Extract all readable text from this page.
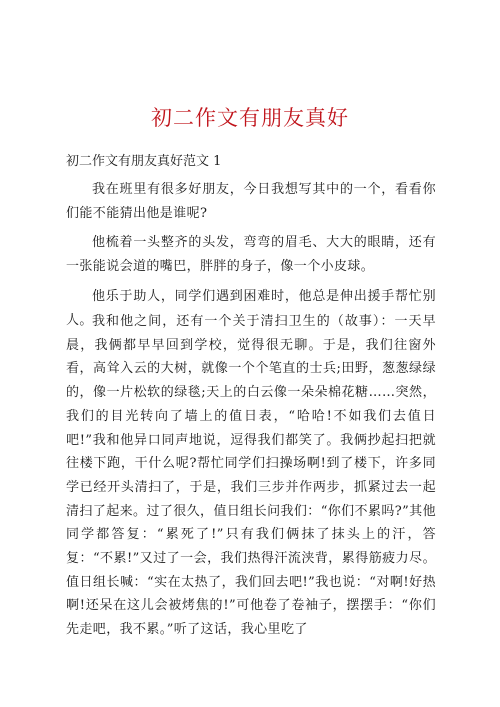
初二作文有朋友真好
初二作文有朋友真好范文 1

我在班里有很多好朋友，今日我想写其中的一个，看看你们能不能猜出他是谁呢?

他梳着一头整齐的头发，弯弯的眉毛、大大的眼睛，还有一张能说会道的嘴巴，胖胖的身子，像一个小皮球。

他乐于助人，同学们遇到困难时，他总是伸出援手帮忙别人。 我和他之间，还有一个关于清扫卫生的（故事）：一天早晨，我俩都早早回到学校，觉得很无聊。于是，我们往窗外看，高耸入云的大树，就像一个个笔直的士兵;田野，葱葱绿绿的，像一片松软的绿毯;天上的白云像一朵朵棉花糖……突然，我们的目光转向了墙上的值日表，“哈哈!不如我们去值日吧!”我和他异口同声地说，逗得我们都笑了。我俩抄起扫把就往楼下跑，干什么呢?帮忙同学们扫操场啊!到了楼下，许多同学已经开头清扫了，于是，我们三步并作两步，抓紧过去一起清扫了起来。过了很久，值日组长问我们：“你们不累吗?”其他同学都答复：“累死了!”只有我们俩抹了抹头上的汗，答复：“不累!”又过了一会，我们热得汗流浃背，累得筋疲力尽。值日组长喊：“实在太热了，我们回去吧!”我也说：“对啊!好热啊!还呆在这儿会被烤焦的!”可他卷了卷袖子，摆摆手：“你们先走吧，我不累。”听了这话，我心里吃了
